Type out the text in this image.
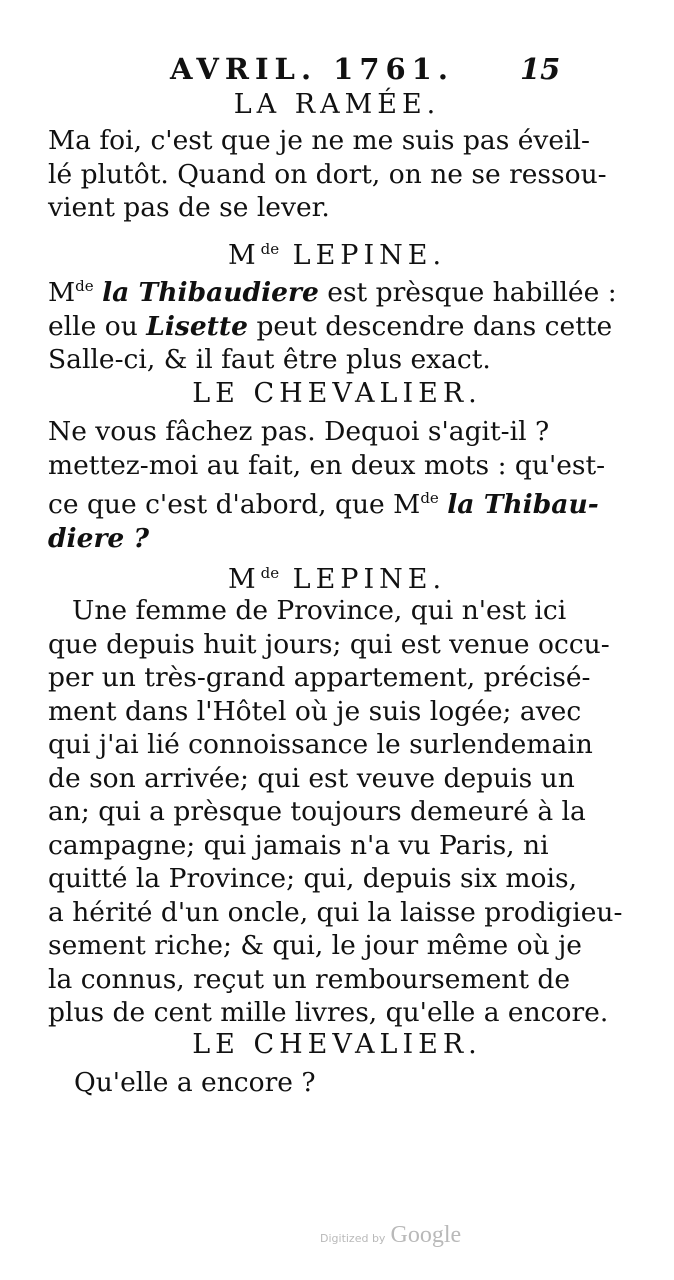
AVRIL. 1761. 15
LA RAMÉE.
Ma foi, c'est que je ne me suis pas éveil-
lé plutôt. Quand on dort, on ne se ressou-
vient pas de se lever.
Mde LEPINE.
Mde la Thibaudiere est prèsque habillée :
elle ou Lisette peut descendre dans cette
Salle-ci, & il faut être plus exact.
LE CHEVALIER.
Ne vous fâchez pas. Dequoi s'agit-il ?
mettez-moi au fait, en deux mots : qu'est-
ce que c'est d'abord, que Mde la Thibau-
diere ?
Mde LEPINE.
Une femme de Province, qui n'est ici
que depuis huit jours; qui est venue occu-
per un très-grand appartement, précisé-
ment dans l'Hôtel où je suis logée; avec
qui j'ai lié connoissance le surlendemain
de son arrivée; qui est veuve depuis un
an; qui a prèsque toujours demeuré à la
campagne; qui jamais n'a vu Paris, ni
quitté la Province; qui, depuis six mois,
a hérité d'un oncle, qui la laisse prodigieu-
sement riche; & qui, le jour même où je
la connus, reçut un remboursement de
plus de cent mille livres, qu'elle a encore.
LE CHEVALIER.
Qu'elle a encore ?
Digitized by Google
